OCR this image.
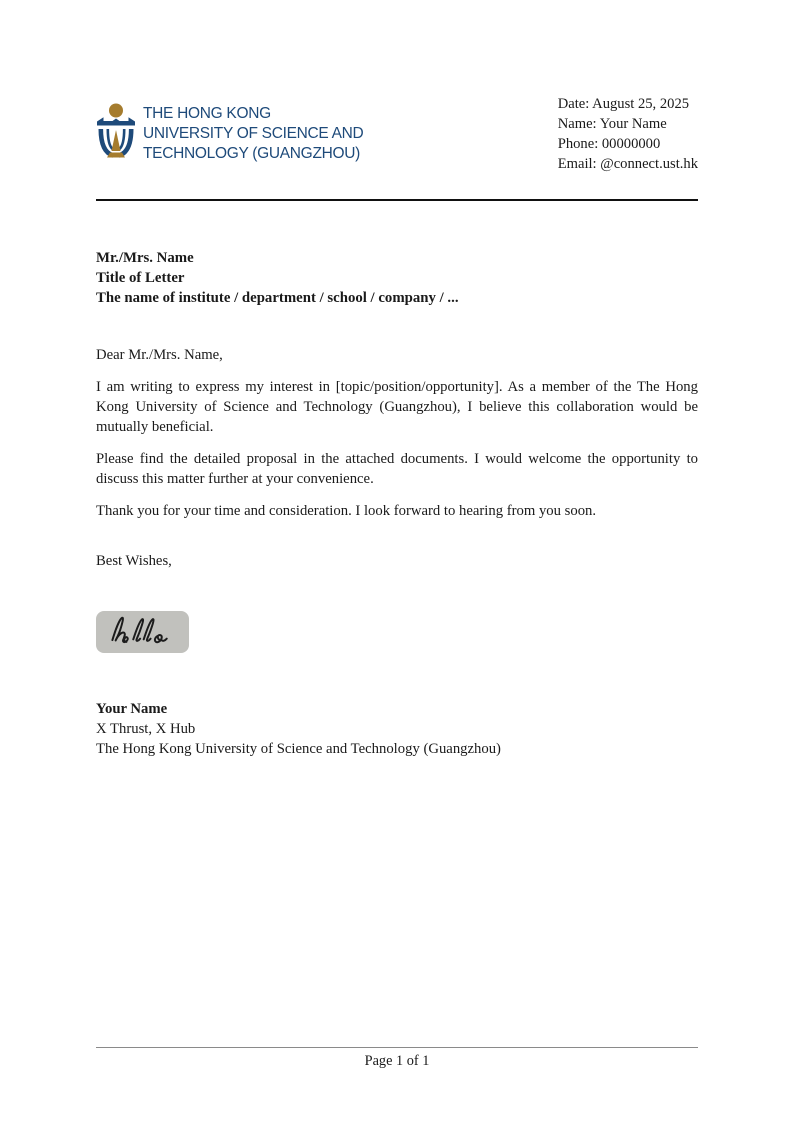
THE HONG KONG
UNIVERSITY OF SCIENCE AND
TECHNOLOGY (GUANGZHOU)
Date: August 25, 2025
Name: Your Name
Phone: 00000000
Email: @connect.ust.hk
Mr./Mrs. Name
Title of Letter
The name of institute / department / school / company / ...

Dear Mr./Mrs. Name,

I am writing to express my interest in [topic/position/opportunity]. As a member of the The Hong Kong University of Science and Technology (Guangzhou), I believe this collaboration would be mutually beneficial.

Please find the detailed proposal in the attached documents. I would welcome the opportunity to discuss this matter further at your convenience.

Thank you for your time and consideration. I look forward to hearing from you soon.

Best Wishes,

Your Name
X Thrust, X Hub
The Hong Kong University of Science and Technology (Guangzhou)
Page 1 of 1
